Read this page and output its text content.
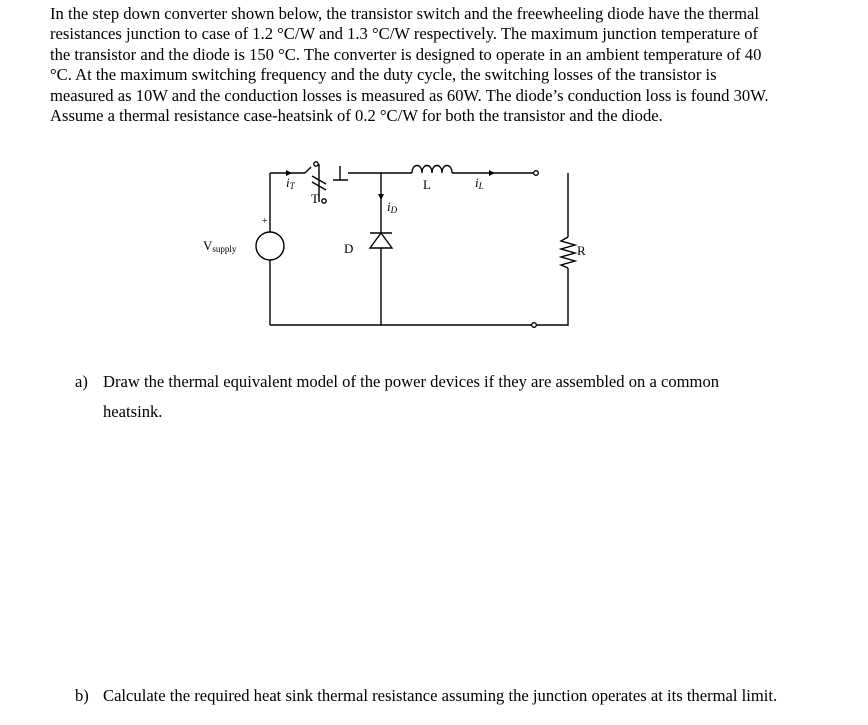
In the step down converter shown below, the transistor switch and the freewheeling diode have the thermal
resistances junction to case of 1.2 °C/W and 1.3 °C/W respectively. The maximum junction temperature of
the transistor and the diode is 150 °C. The converter is designed to operate in an ambient temperature of 40
°C. At the maximum switching frequency and the duty cycle, the switching losses of the transistor is
measured as 10W and the conduction losses is measured as 60W. The diode’s conduction loss is found 30W.
Assume a thermal resistance case-heatsink of 0.2 °C/W for both the transistor and the diode.
Vsupply
+
T
iT
D
iD
L	iL
R
a) Draw the thermal equivalent model of the power devices if they are assembled on a common
heatsink.
b) Calculate the required heat sink thermal resistance assuming the junction operates at its thermal limit.
